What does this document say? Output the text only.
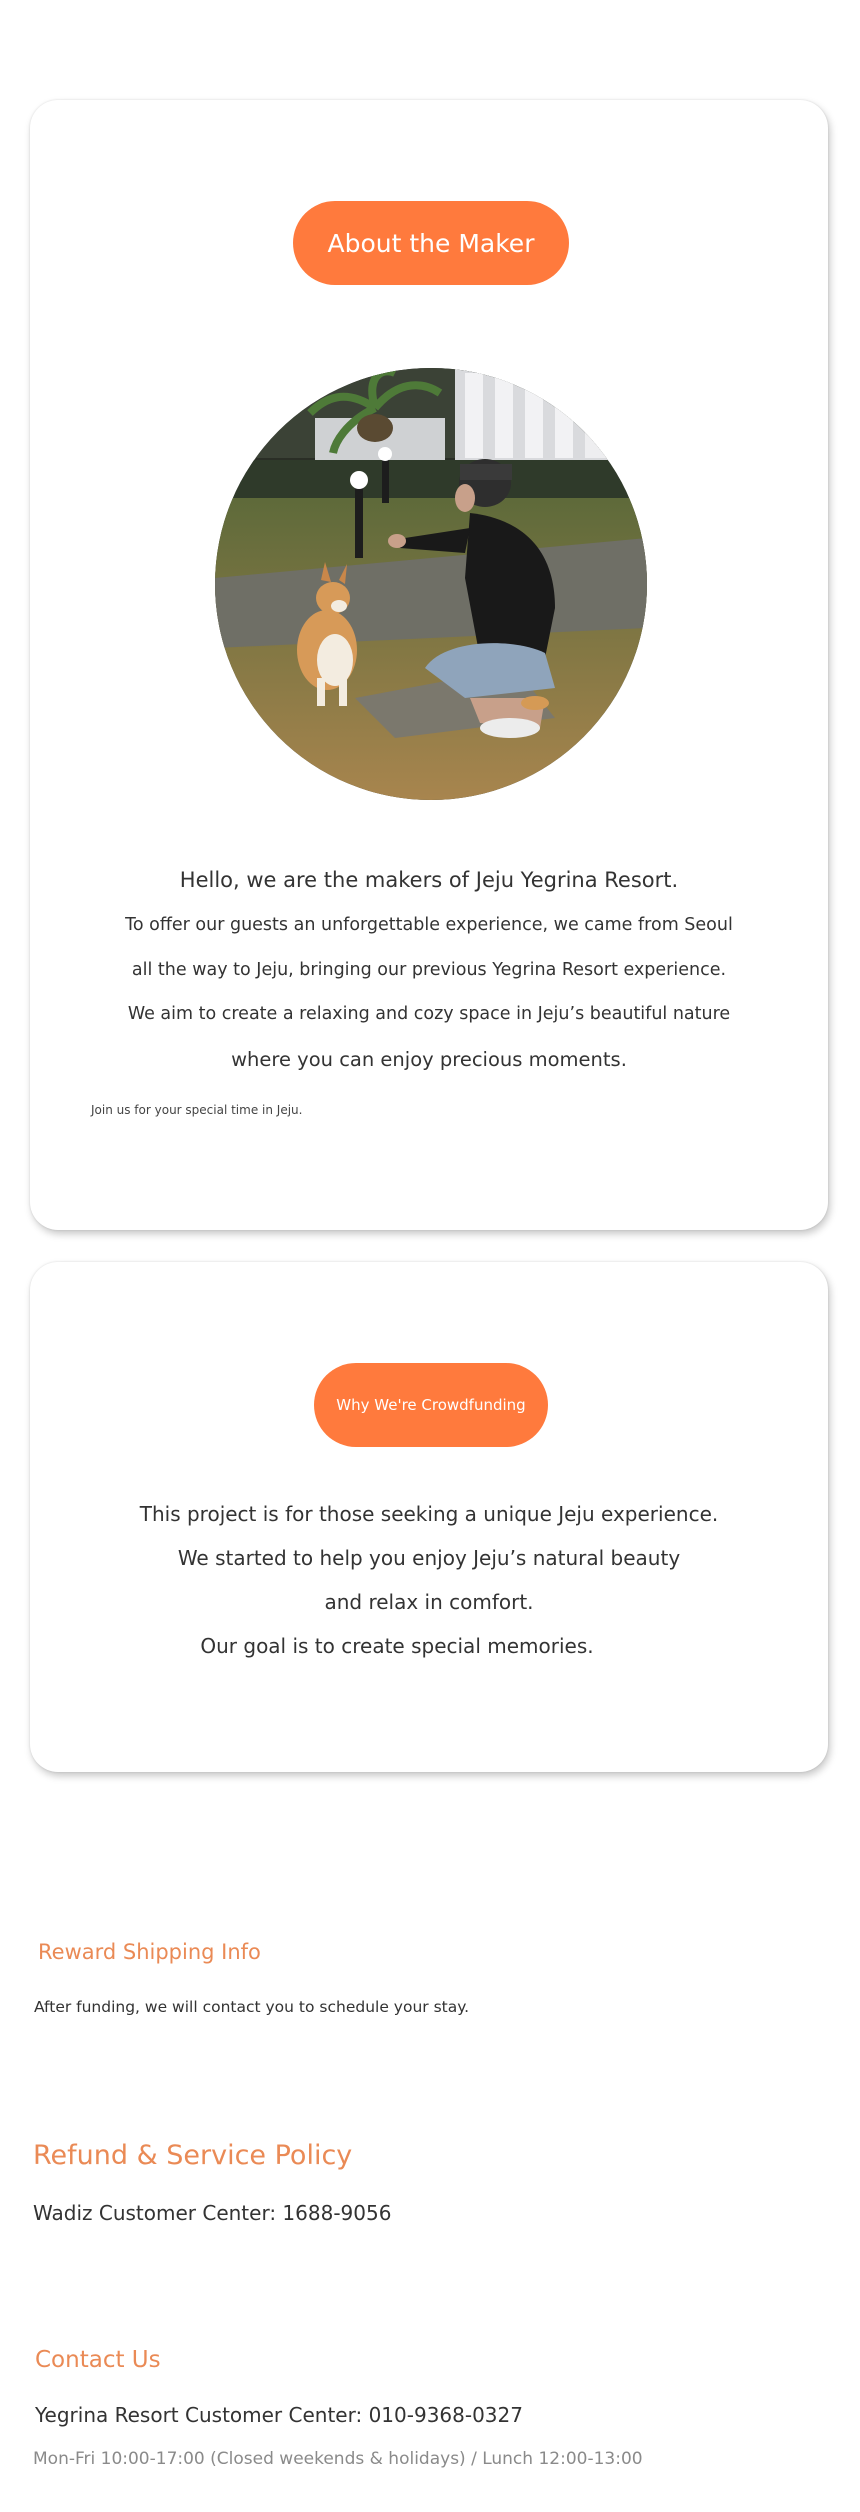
About the Maker
Hello, we are the makers of Jeju Yegrina Resort.
To offer our guests an unforgettable experience, we came from Seoul
all the way to Jeju, bringing our previous Yegrina Resort experience.
We aim to create a relaxing and cozy space in Jeju’s beautiful nature
where you can enjoy precious moments.
Join us for your special time in Jeju.
Why We're Crowdfunding
This project is for those seeking a unique Jeju experience.
We started to help you enjoy Jeju’s natural beauty
and relax in comfort.
Our goal is to create special memories.
Reward Shipping Info
After funding, we will contact you to schedule your stay.
Refund & Service Policy
Wadiz Customer Center: 1688-9056
Contact Us
Yegrina Resort Customer Center: 010-9368-0327
Mon-Fri 10:00-17:00 (Closed weekends & holidays) / Lunch 12:00-13:00
